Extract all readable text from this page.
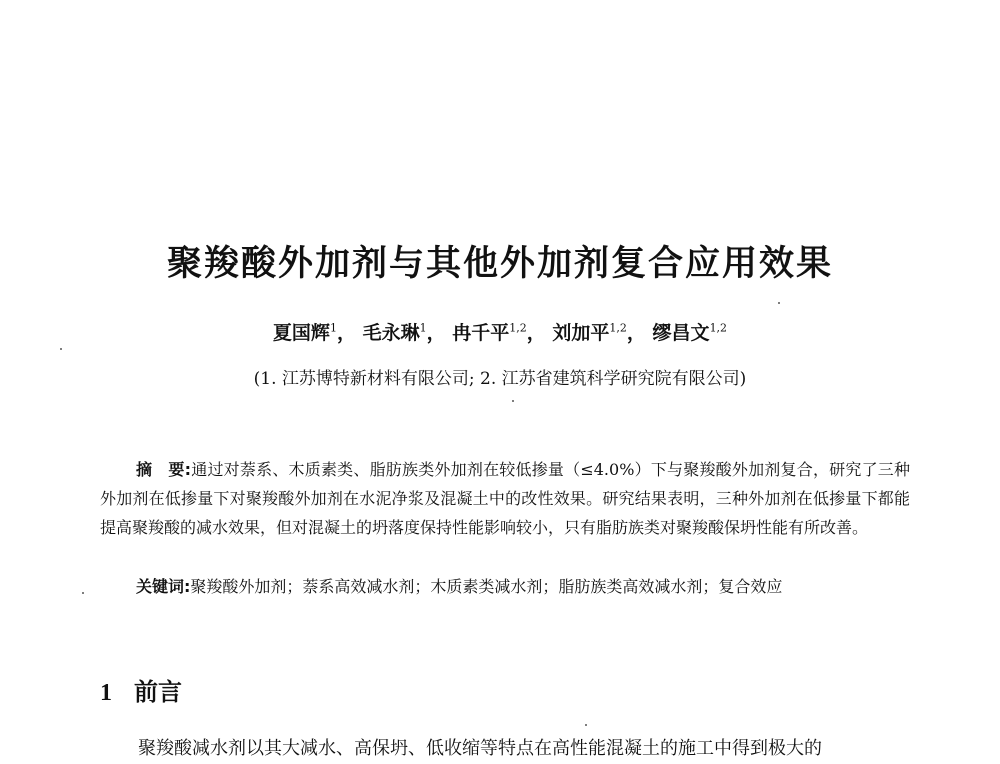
聚羧酸外加剂与其他外加剂复合应用效果
夏国辉$^1$， 毛永琳$^1$， 冉千平$^{1,2}$， 刘加平$^{1,2}$， 缪昌文$^{1,2}$
(1. 江苏博特新材料有限公司; 2. 江苏省建筑科学研究院有限公司)

摘　要:通过对萘系、木质素类、脂肪族类外加剂在较低掺量（≤4.0%）下与聚羧酸外加剂复合，研究了三种外加剂在低掺量下对聚羧酸外加剂在水泥净浆及混凝土中的改性效果。研究结果表明，三种外加剂在低掺量下都能提高聚羧酸的减水效果，但对混凝土的坍落度保持性能影响较小，只有脂肪族类对聚羧酸保坍性能有所改善。

关键词:聚羧酸外加剂；萘系高效减水剂；木质素类减水剂；脂肪族类高效减水剂；复合效应

1 前言

聚羧酸减水剂以其大减水、高保坍、低收缩等特点在高性能混凝土的施工中得到极大的
